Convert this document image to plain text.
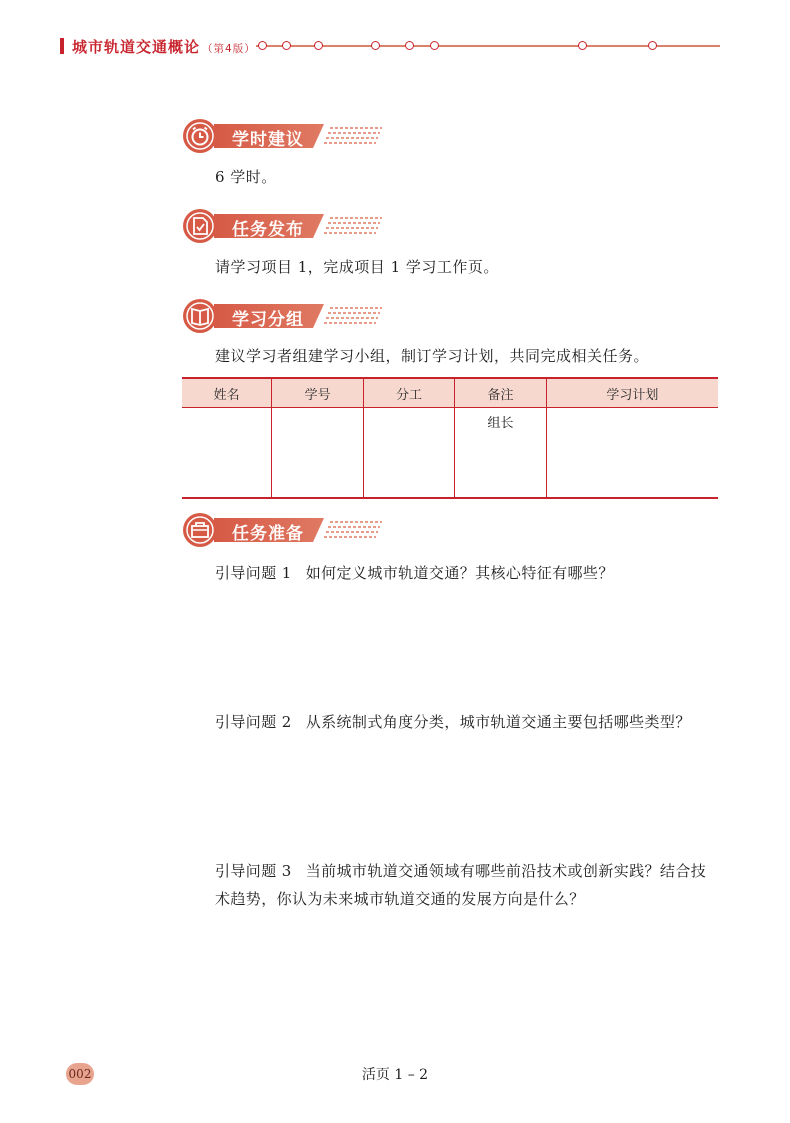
城市轨道交通概论 （第4版）
学时建议
6 学时。
任务发布
请学习项目 1，完成项目 1 学习工作页。
学习分组
建议学习者组建学习小组，制订学习计划，共同完成相关任务。
姓名	学号	分工	备注	学习计划
			组长	
任务准备
引导问题 1 如何定义城市轨道交通？其核心特征有哪些？
引导问题 2 从系统制式角度分类，城市轨道交通主要包括哪些类型？
引导问题 3 当前城市轨道交通领域有哪些前沿技术或创新实践？结合技术趋势，你认为未来城市轨道交通的发展方向是什么？
002	活页 1 – 2
